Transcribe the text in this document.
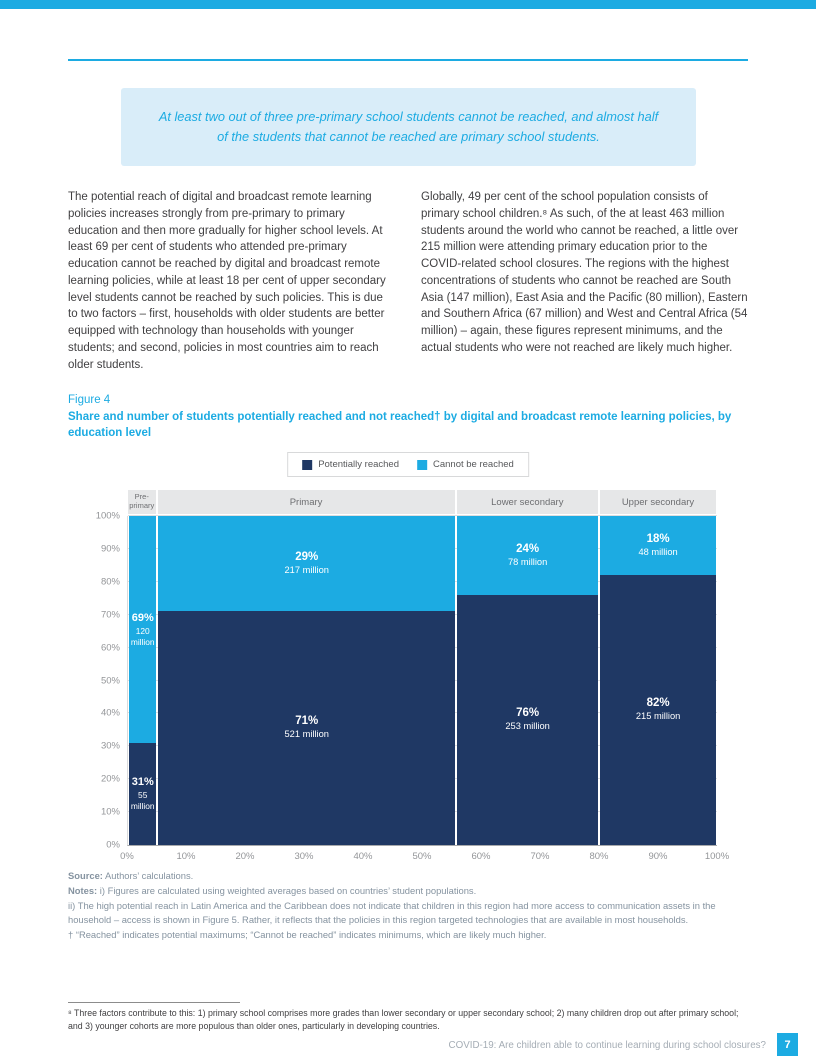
At least two out of three pre-primary school students cannot be reached, and almost half of the students that cannot be reached are primary school students.

The potential reach of digital and broadcast remote learning policies increases strongly from pre-primary to primary education and then more gradually for higher school levels. At least 69 per cent of students who attended pre-primary education cannot be reached by digital and broadcast remote learning policies, while at least 18 per cent of upper secondary level students cannot be reached by such policies. This is due to two factors – first, households with older students are better equipped with technology than households with younger students; and second, policies in most countries aim to reach older students.

Globally, 49 per cent of the school population consists of primary school children.⁸ As such, of the at least 463 million students around the world who cannot be reached, a little over 215 million were attending primary education prior to the COVID-related school closures. The regions with the highest concentrations of students who cannot be reached are South Asia (147 million), East Asia and the Pacific (80 million), Eastern and Southern Africa (67 million) and West and Central Africa (54 million) – again, these figures represent minimums, and the actual students who were not reached are likely much higher.

Figure 4
Share and number of students potentially reached and not reached† by digital and broadcast remote learning policies, by education level
Potentially reached	Cannot be reached
Pre-primary	Primary	Lower secondary	Upper secondary
0%
10%
20%
30%
40%
50%
60%
70%
80%
90%
100%
69%
120 million
31%
55 million
29%
217 million
71%
521 million
24%
78 million
76%
253 million
18%
48 million
82%
215 million
0%	10%	20%	30%	40%	50%	60%	70%	80%	90%	100%

Source: Authors’ calculations.

Notes: i) Figures are calculated using weighted averages based on countries’ student populations.

ii) The high potential reach in Latin America and the Caribbean does not indicate that children in this region had more access to communication assets in the household – access is shown in Figure 5. Rather, it reflects that the policies in this region targeted technologies that are available in most households.

† “Reached” indicates potential maximums; “Cannot be reached” indicates minimums, which are likely much higher.

⁸ Three factors contribute to this: 1) primary school comprises more grades than lower secondary or upper secondary school; 2) many children drop out after primary school; and 3) younger cohorts are more populous than older ones, particularly in developing countries.

COVID-19: Are children able to continue learning during school closures?	7
